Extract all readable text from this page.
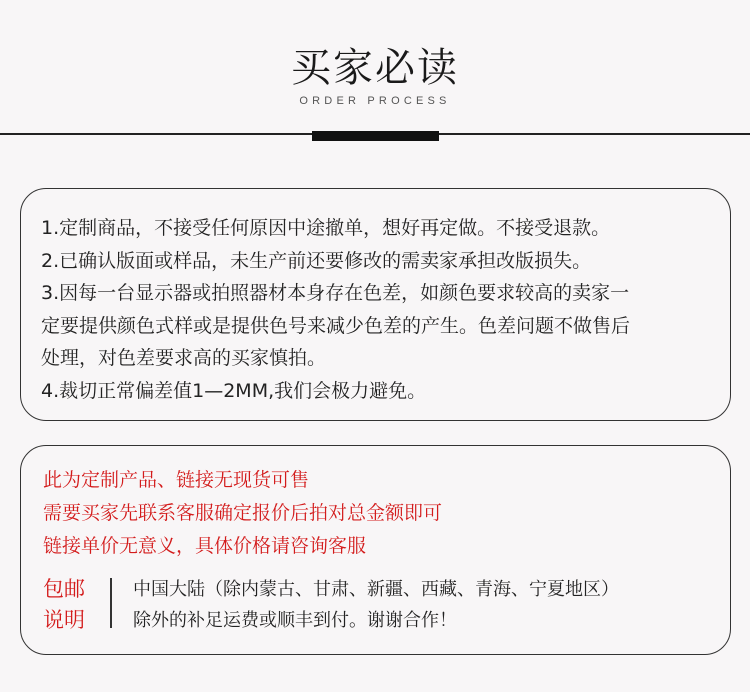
买家必读
ORDER PROCESS
1.定制商品，不接受任何原因中途撤单，想好再定做。不接受退款。
2.已确认版面或样品，未生产前还要修改的需卖家承担改版损失。
3.因每一台显示器或拍照器材本身存在色差，如颜色要求较高的卖家一
定要提供颜色式样或是提供色号来减少色差的产生。色差问题不做售后
处理，对色差要求高的买家慎拍。
4.裁切正常偏差值1—2MM,我们会极力避免。
此为定制产品、链接无现货可售
需要买家先联系客服确定报价后拍对总金额即可
链接单价无意义，具体价格请咨询客服
包邮
说明
中国大陆（除内蒙古、甘肃、新疆、西藏、青海、宁夏地区）
除外的补足运费或顺丰到付。谢谢合作！
